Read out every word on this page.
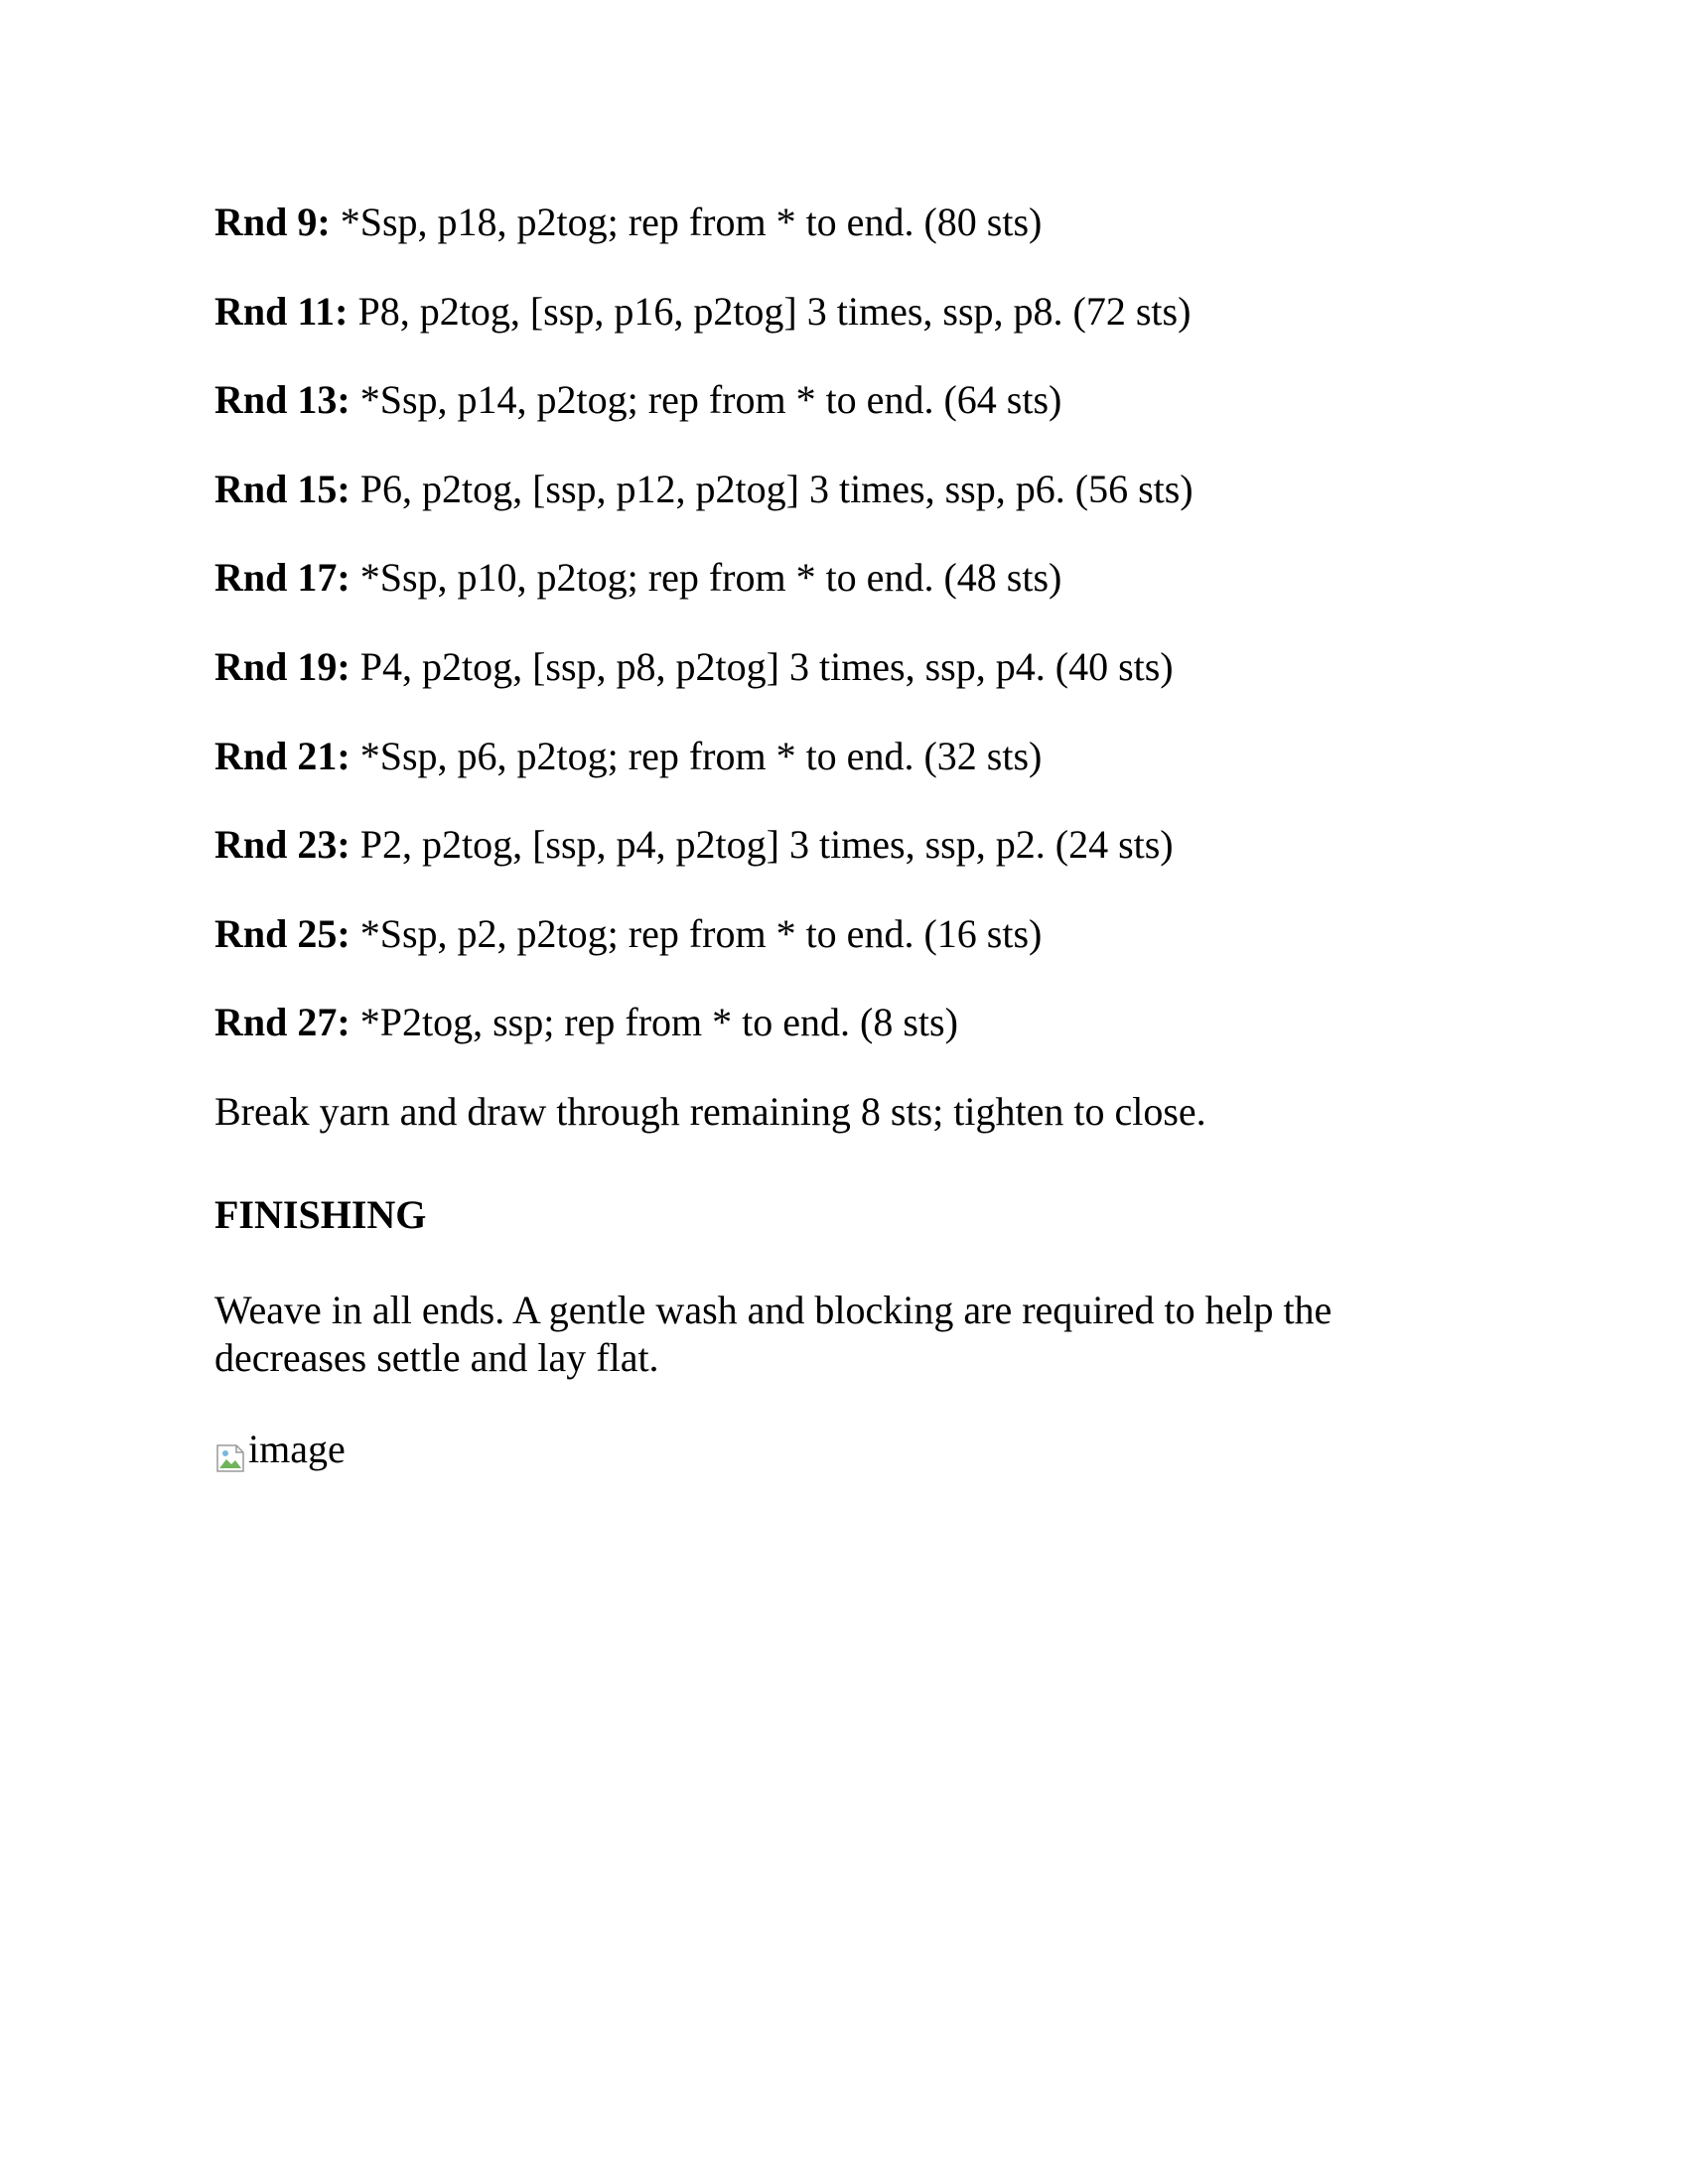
Rnd 9: *Ssp, p18, p2tog; rep from * to end. (80 sts)

Rnd 11: P8, p2tog, [ssp, p16, p2tog] 3 times, ssp, p8. (72 sts)

Rnd 13: *Ssp, p14, p2tog; rep from * to end. (64 sts)

Rnd 15: P6, p2tog, [ssp, p12, p2tog] 3 times, ssp, p6. (56 sts)

Rnd 17: *Ssp, p10, p2tog; rep from * to end. (48 sts)

Rnd 19: P4, p2tog, [ssp, p8, p2tog] 3 times, ssp, p4. (40 sts)

Rnd 21: *Ssp, p6, p2tog; rep from * to end. (32 sts)

Rnd 23: P2, p2tog, [ssp, p4, p2tog] 3 times, ssp, p2. (24 sts)

Rnd 25: *Ssp, p2, p2tog; rep from * to end. (16 sts)

Rnd 27: *P2tog, ssp; rep from * to end. (8 sts)

Break yarn and draw through remaining 8 sts; tighten to close.

FINISHING

Weave in all ends. A gentle wash and blocking are required to help the decreases settle and lay flat.

image
